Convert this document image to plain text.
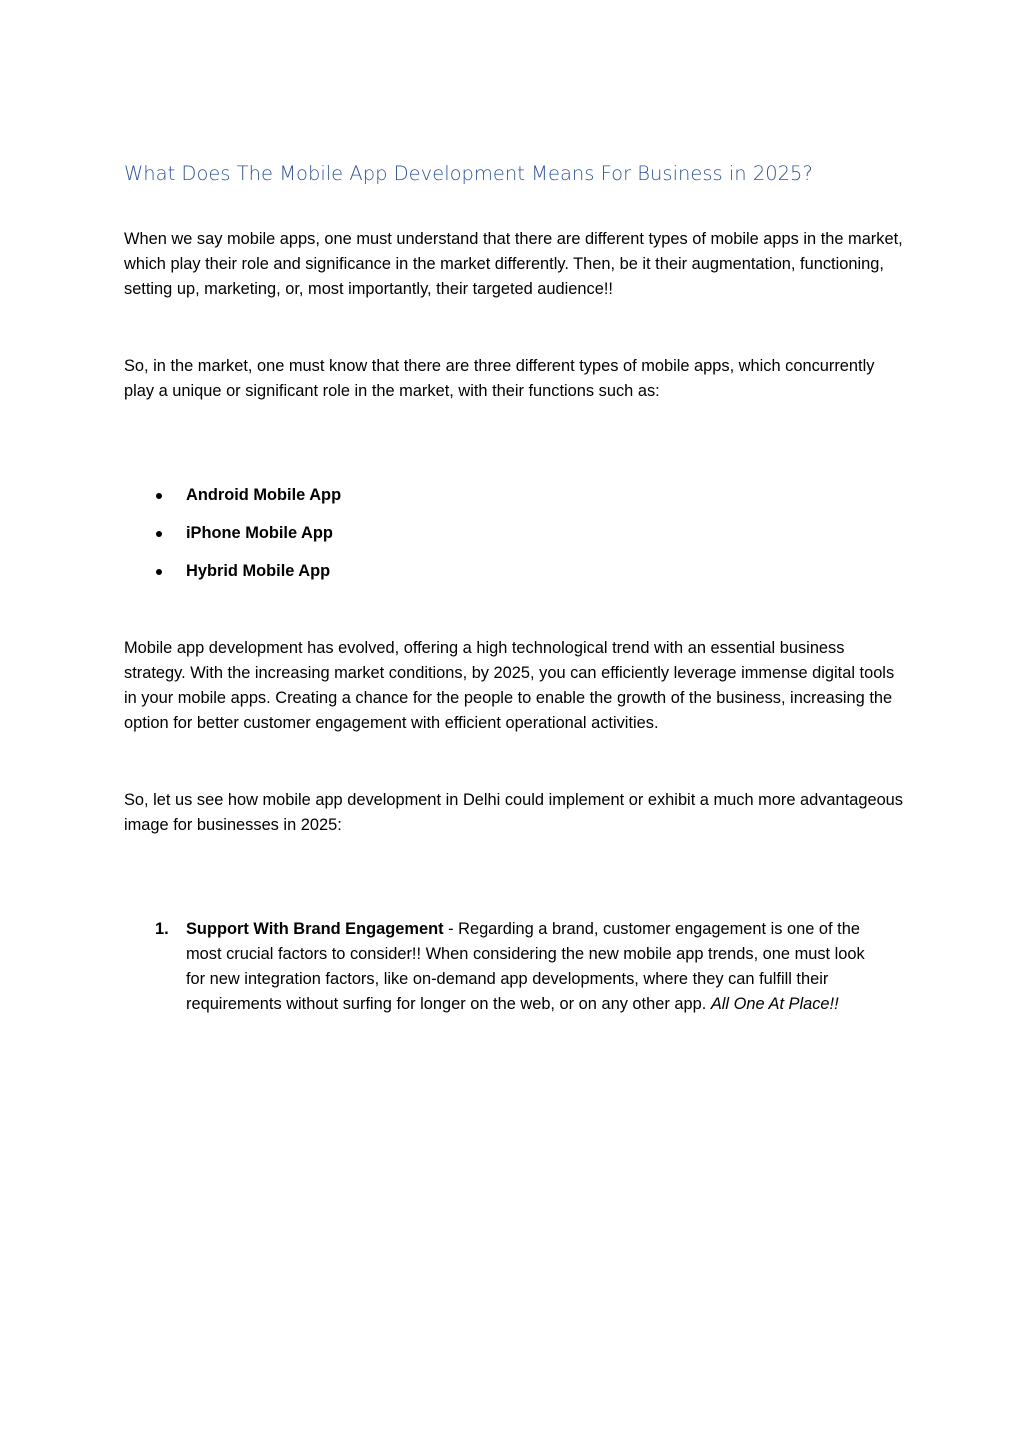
What Does The Mobile App Development Means For Business in 2025?

When we say mobile apps, one must understand that there are different types of mobile apps in the market, which play their role and significance in the market differently. Then, be it their augmentation, functioning, setting up, marketing, or, most importantly, their targeted audience!!

So, in the market, one must know that there are three different types of mobile apps, which concurrently play a unique or significant role in the market, with their functions such as:

Android Mobile App
iPhone Mobile App
Hybrid Mobile App

Mobile app development has evolved, offering a high technological trend with an essential business strategy. With the increasing market conditions, by 2025, you can efficiently leverage immense digital tools in your mobile apps. Creating a chance for the people to enable the growth of the business, increasing the option for better customer engagement with efficient operational activities.

So, let us see how mobile app development in Delhi could implement or exhibit a much more advantageous image for businesses in 2025:

1. Support With Brand Engagement - Regarding a brand, customer engagement is one of the most crucial factors to consider!! When considering the new mobile app trends, one must look for new integration factors, like on-demand app developments, where they can fulfill their requirements without surfing for longer on the web, or on any other app. All One At Place!!
